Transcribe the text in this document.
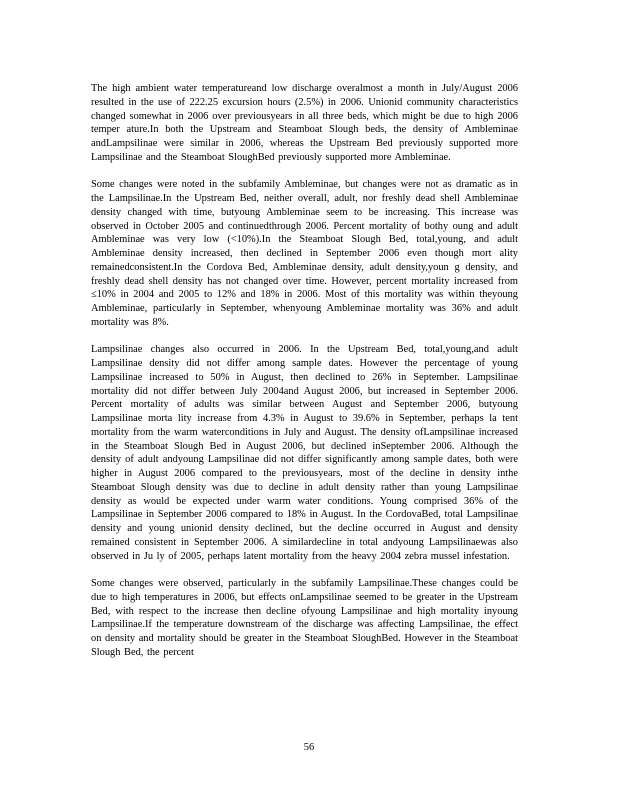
The high ambient water temperatureand low discharge overalmost a month in July/August 2006 resulted in the use of 222.25 excursion hours (2.5%) in 2006. Unionid community characteristics changed somewhat in 2006 over previousyears in all three beds, which might be due to high 2006 temper ature.In both the Upstream and Steamboat Slough beds, the density of Ambleminae andLampsilinae were similar in 2006, whereas the Upstream Bed previously supported more Lampsilinae and the Steamboat SloughBed previously supported more Ambleminae.

Some changes were noted in the subfamily Ambleminae, but changes were not as dramatic as in the Lampsilinae.In the Upstream Bed, neither overall, adult, nor freshly dead shell Ambleminae density changed with time, butyoung Ambleminae seem to be increasing. This increase was observed in October 2005 and continuedthrough 2006. Percent mortality of bothy oung and adult Ambleminae was very low (<10%).In the Steamboat Slough Bed, total,young, and adult Ambleminae density increased, then declined in September 2006 even though mort ality remainedconsistent.In the Cordova Bed, Ambleminae density, adult density,youn g density, and freshly dead shell density has not changed over time. However, percent mortality increased from ≤10% in 2004 and 2005 to 12% and 18% in 2006. Most of this mortality was within theyoung Ambleminae, particularly in September, whenyoung Ambleminae mortality was 36% and adult mortality was 8%.

Lampsilinae changes also occurred in 2006. In the Upstream Bed, total,young,and adult Lampsilinae density did not differ among sample dates. However the percentage of young Lampsilinae increased to 50% in August, then declined to 26% in September. Lampsilinae mortality did not differ between July 2004and August 2006, but increased in September 2006. Percent mortality of adults was similar between August and September 2006, butyoung Lampsilinae morta lity increase from 4.3% in August to 39.6% in September, perhaps la tent mortality from the warm waterconditions in July and August. The density ofLampsilinae increased in the Steamboat Slough Bed in August 2006, but declined inSeptember 2006. Although the density of adult andyoung Lampsilinae did not differ significantly among sample dates, both were higher in August 2006 compared to the previousyears, most of the decline in density inthe Steamboat Slough density was due to decline in adult density rather than young Lampsilinae density as would be expected under warm water conditions. Young comprised 36% of the Lampsilinae in September 2006 compared to 18% in August. In the CordovaBed, total Lampsilinae density and young unionid density declined, but the decline occurred in August and density remained consistent in September 2006. A similardecline in total andyoung Lampsilinaewas also observed in Ju ly of 2005, perhaps latent mortality from the heavy 2004 zebra mussel infestation.

Some changes were observed, particularly in the subfamily Lampsilinae.These changes could be due to high temperatures in 2006, but effects onLampsilinae seemed to be greater in the Upstream Bed, with respect to the increase then decline ofyoung Lampsilinae and high mortality inyoung Lampsilinae.If the temperature downstream of the discharge was affecting Lampsilinae, the effect on density and mortality should be greater in the Steamboat SloughBed. However in the Steamboat Slough Bed, the percent

56
